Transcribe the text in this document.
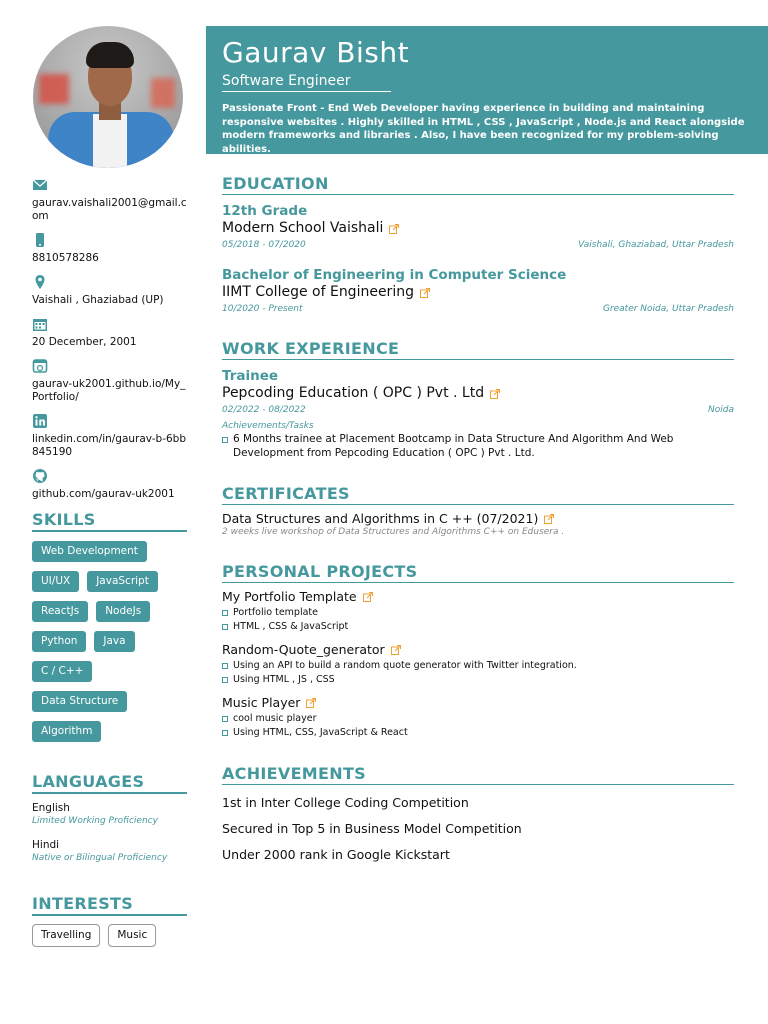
gaurav.vaishali2001@gmail.com
8810578286
Vaishali , Ghaziabad (UP)
20 December, 2001
gaurav-uk2001.github.io/My_Portfolio/
linkedin.com/in/gaurav-b-6bb845190
github.com/gaurav-uk2001
SKILLS
Web Development
UI/UX	JavaScript
ReactJs	NodeJs
Python	Java
C / C++
Data Structure
Algorithm
LANGUAGES
English
Limited Working Proficiency
Hindi
Native or Bilingual Proficiency
INTERESTS
Travelling	Music
Gaurav Bisht
Software Engineer
Passionate Front - End Web Developer having experience in building and maintaining responsive websites . Highly skilled in HTML , CSS , JavaScript , Node.js and React alongside modern frameworks and libraries . Also, I have been recognized for my problem-solving abilities.
EDUCATION
12th Grade
Modern School Vaishali
05/2018 - 07/2020	Vaishali, Ghaziabad, Uttar Pradesh
Bachelor of Engineering in Computer Science
IIMT College of Engineering
10/2020 - Present	Greater Noida, Uttar Pradesh
WORK EXPERIENCE
Trainee
Pepcoding Education ( OPC ) Pvt . Ltd
02/2022 - 08/2022	Noida
Achievements/Tasks
6 Months trainee at Placement Bootcamp in Data Structure And Algorithm And Web Development from Pepcoding Education ( OPC ) Pvt . Ltd.
CERTIFICATES
Data Structures and Algorithms in C ++ (07/2021)
2 weeks live workshop of Data Structures and Algorithms C++ on Edusera .
PERSONAL PROJECTS
My Portfolio Template
Portfolio template
HTML , CSS & JavaScript
Random-Quote_generator
Using an API to build a random quote generator with Twitter integration.
Using HTML , JS , CSS
Music Player
cool music player
Using HTML, CSS, JavaScript & React
ACHIEVEMENTS
1st in Inter College Coding Competition
Secured in Top 5 in Business Model Competition
Under 2000 rank in Google Kickstart
